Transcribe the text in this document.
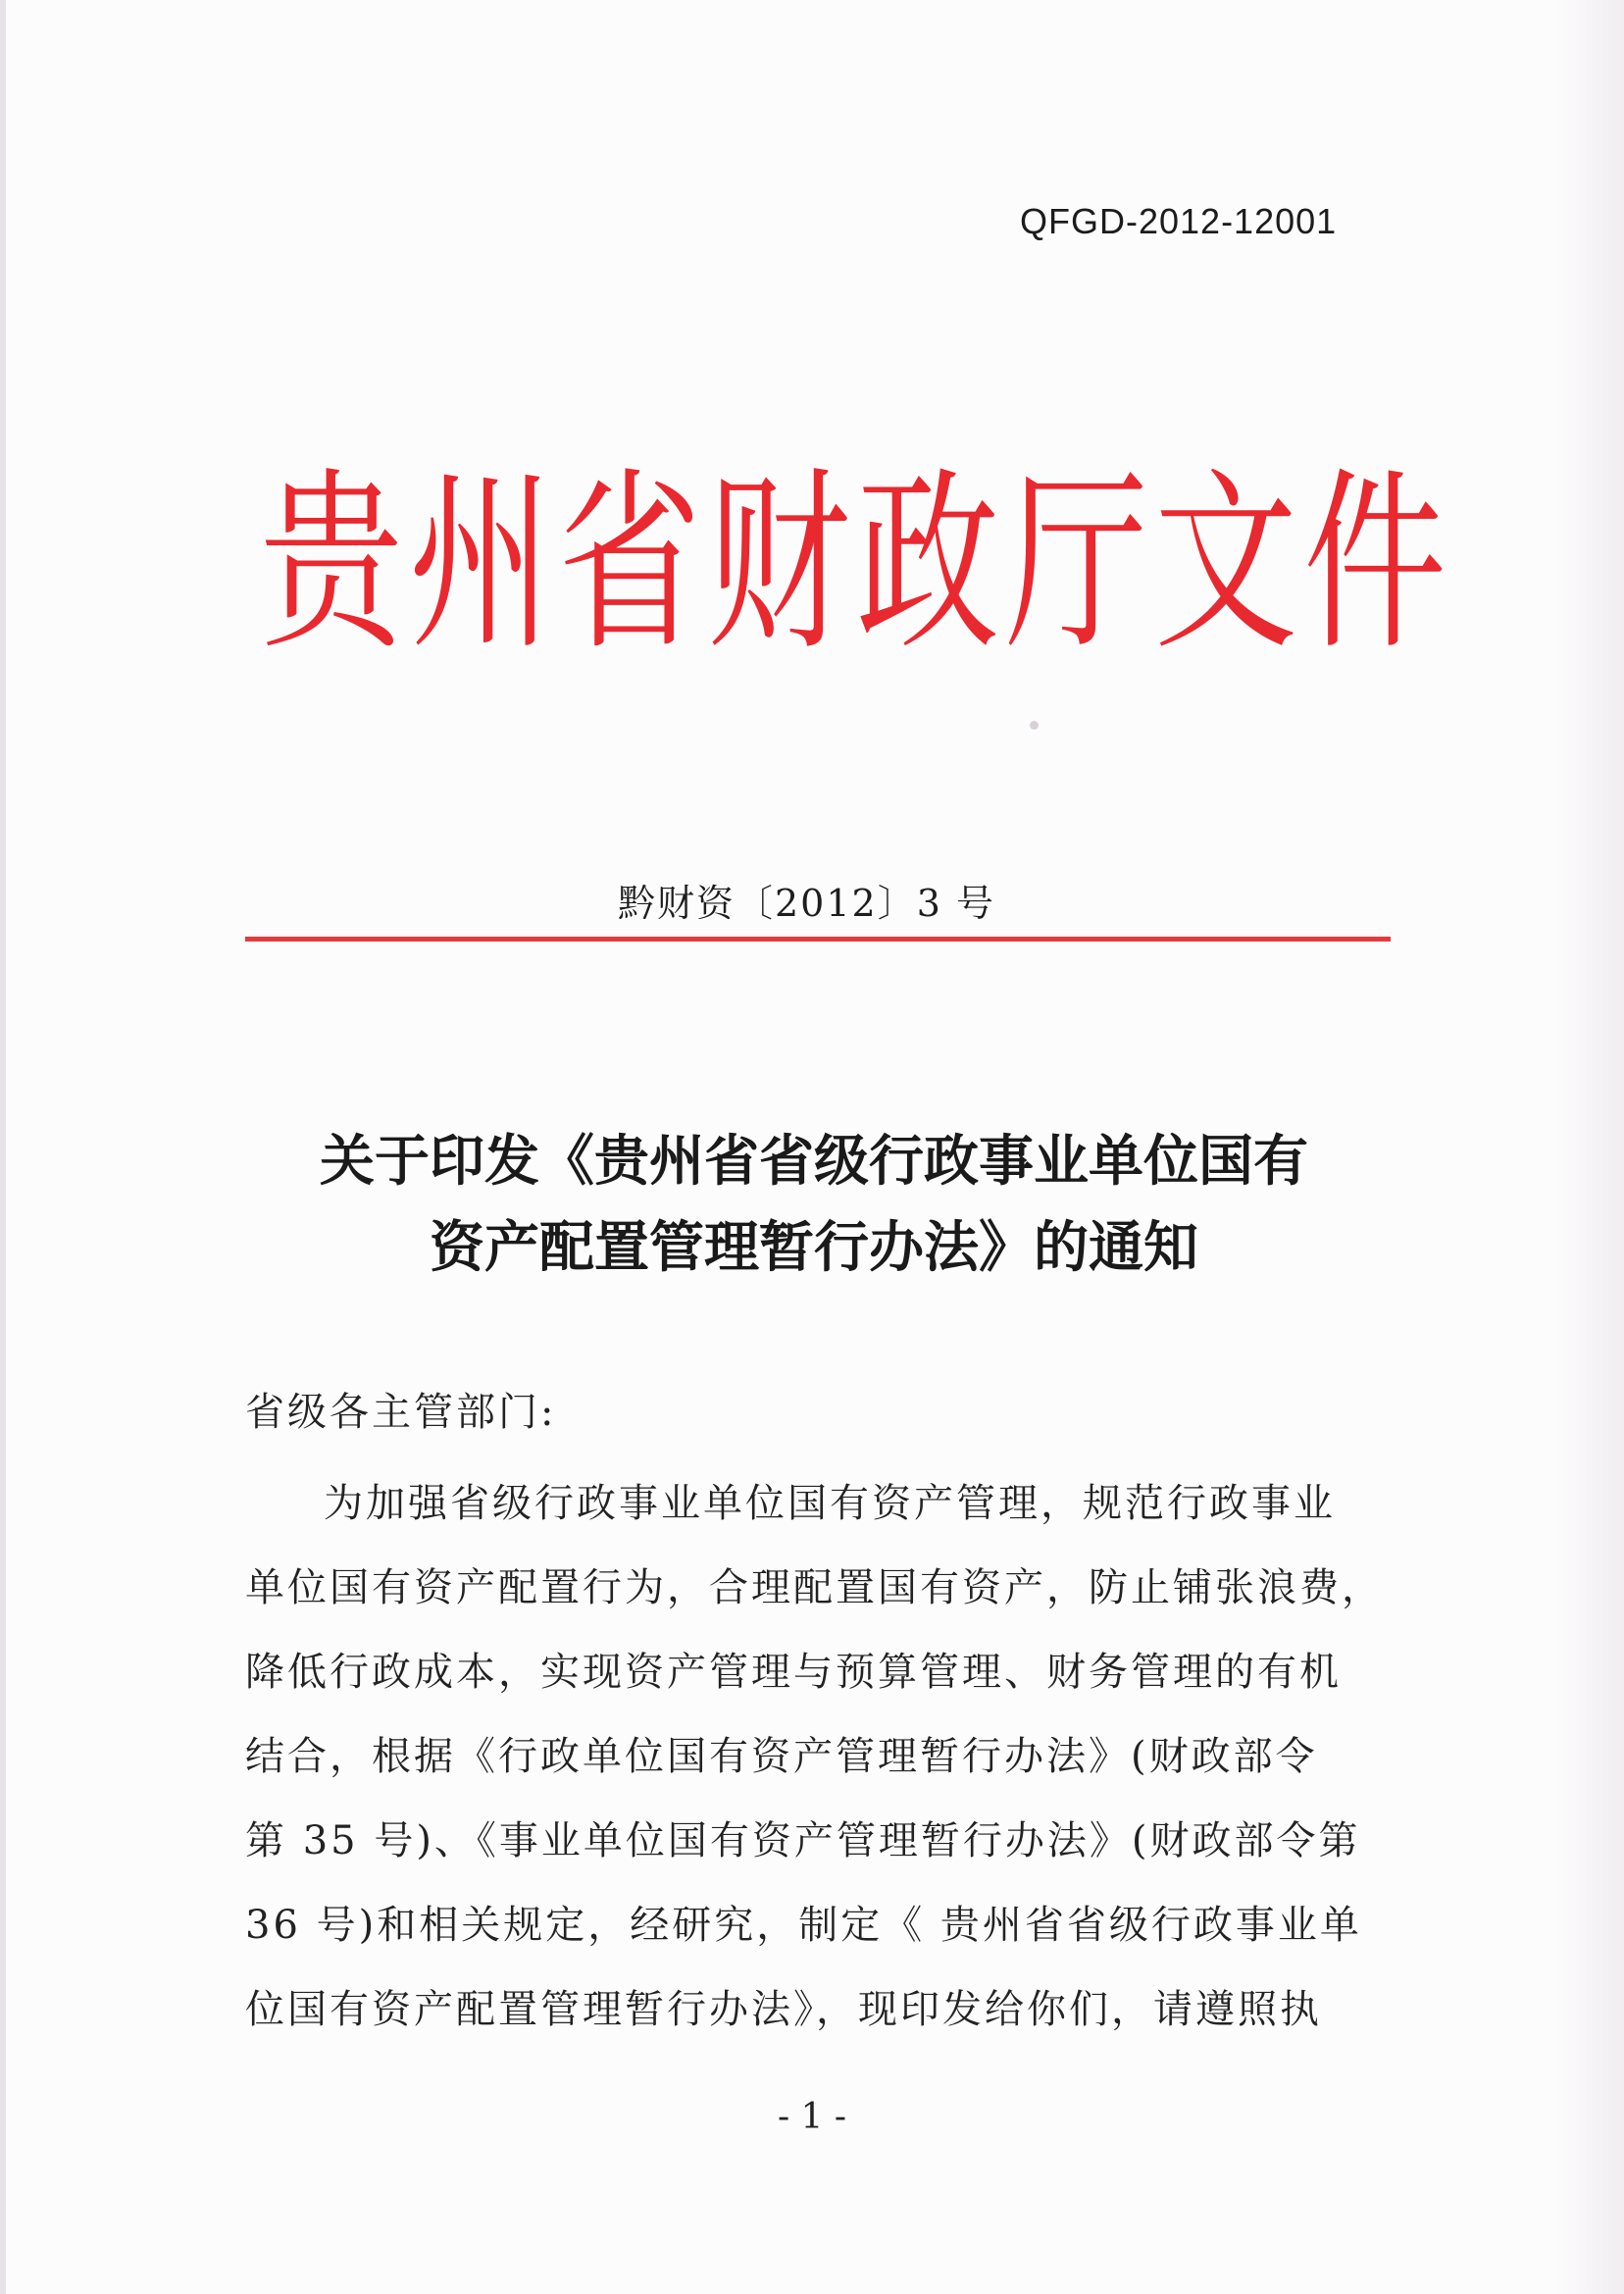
QFGD-2012-12001
贵州省财政厅文件
黔财资〔2012〕3 号
关于印发《贵州省省级行政事业单位国有
资产配置管理暂行办法》的通知
省级各主管部门:
为加强省级行政事业单位国有资产管理，规范行政事业
单位国有资产配置行为，合理配置国有资产，防止铺张浪费，
降低行政成本，实现资产管理与预算管理、财务管理的有机
结合，根据《行政单位国有资产管理暂行办法》(财政部令
第 35 号)、《事业单位国有资产管理暂行办法》(财政部令第
36 号)和相关规定，经研究，制定《 贵州省省级行政事业单
位国有资产配置管理暂行办法》，现印发给你们，请遵照执
- 1 -
